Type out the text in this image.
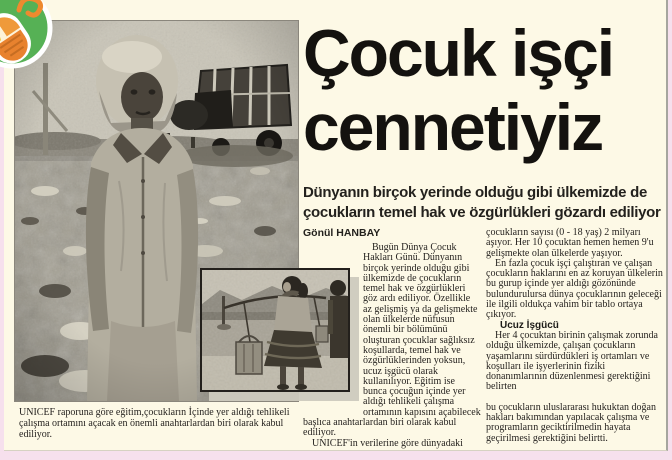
Çocuk işçi
cennetiyiz
Dünyanın birçok yerinde olduğu gibi ülkemizde de
çocukların temel hak ve özgürlükleri gözardı ediliyor
Gönül HANBAY
Bugün Dünya Çocuk Hakları Günü. Dünyanın birçok yerinde olduğu gibi ülkemizde de çocukların temel hak ve özgürlükleri göz ardı ediliyor. Özellikle az gelişmiş ya da gelişmekte olan ülkelerde nüfusun önemli bir bölümünü oluşturan çocuklar sağlıksız koşullarda, temel hak ve özgürlüklerinden yoksun, ucuz işgücü olarak kullanılıyor. Eğitim ise bunca çocuğun içinde yer aldığı tehlikeli çalışma ortamının kapısını açabilecek başlıca anahtarlardan biri olarak kabul ediliyor.
UNICEF'in verilerine göre dünyadaki
çocukların sayısı (0 - 18 yaş) 2 milyarı aşıyor. Her 10 çocuktan hemen hemen 9'u gelişmekte olan ülkelerde yaşıyor.
En fazla çocuk işçi çalıştıran ve çalışan çocukların haklarını en az koruyan ülkelerin bu gurup içinde yer aldığı gözönünde bulundurulursa dünya çocuklarının geleceği ile ilgili oldukça vahim bir tablo ortaya çıkıyor.
Ucuz İşgücü
Her 4 çocuktan birinin çalışmak zorunda olduğu ülkemizde, çalışan çocukların yaşamlarını sürdürdükleri iş ortamları ve koşulları ile işyerlerinin fiziki donanımlarının düzenlenmesi gerektiğini belirten
bu çocukların uluslararası hukuktan doğan hakları bakımından yapılacak çalışma ve programların geciktirilmedin hayata geçirilmesi gerektiğini belirtti.
UNICEF raporuna göre eğitim,çocukların İçinde yer aldığı tehlikeli çalışma ortamını açacak en önemli anahtarlardan biri olarak kabul ediliyor.
